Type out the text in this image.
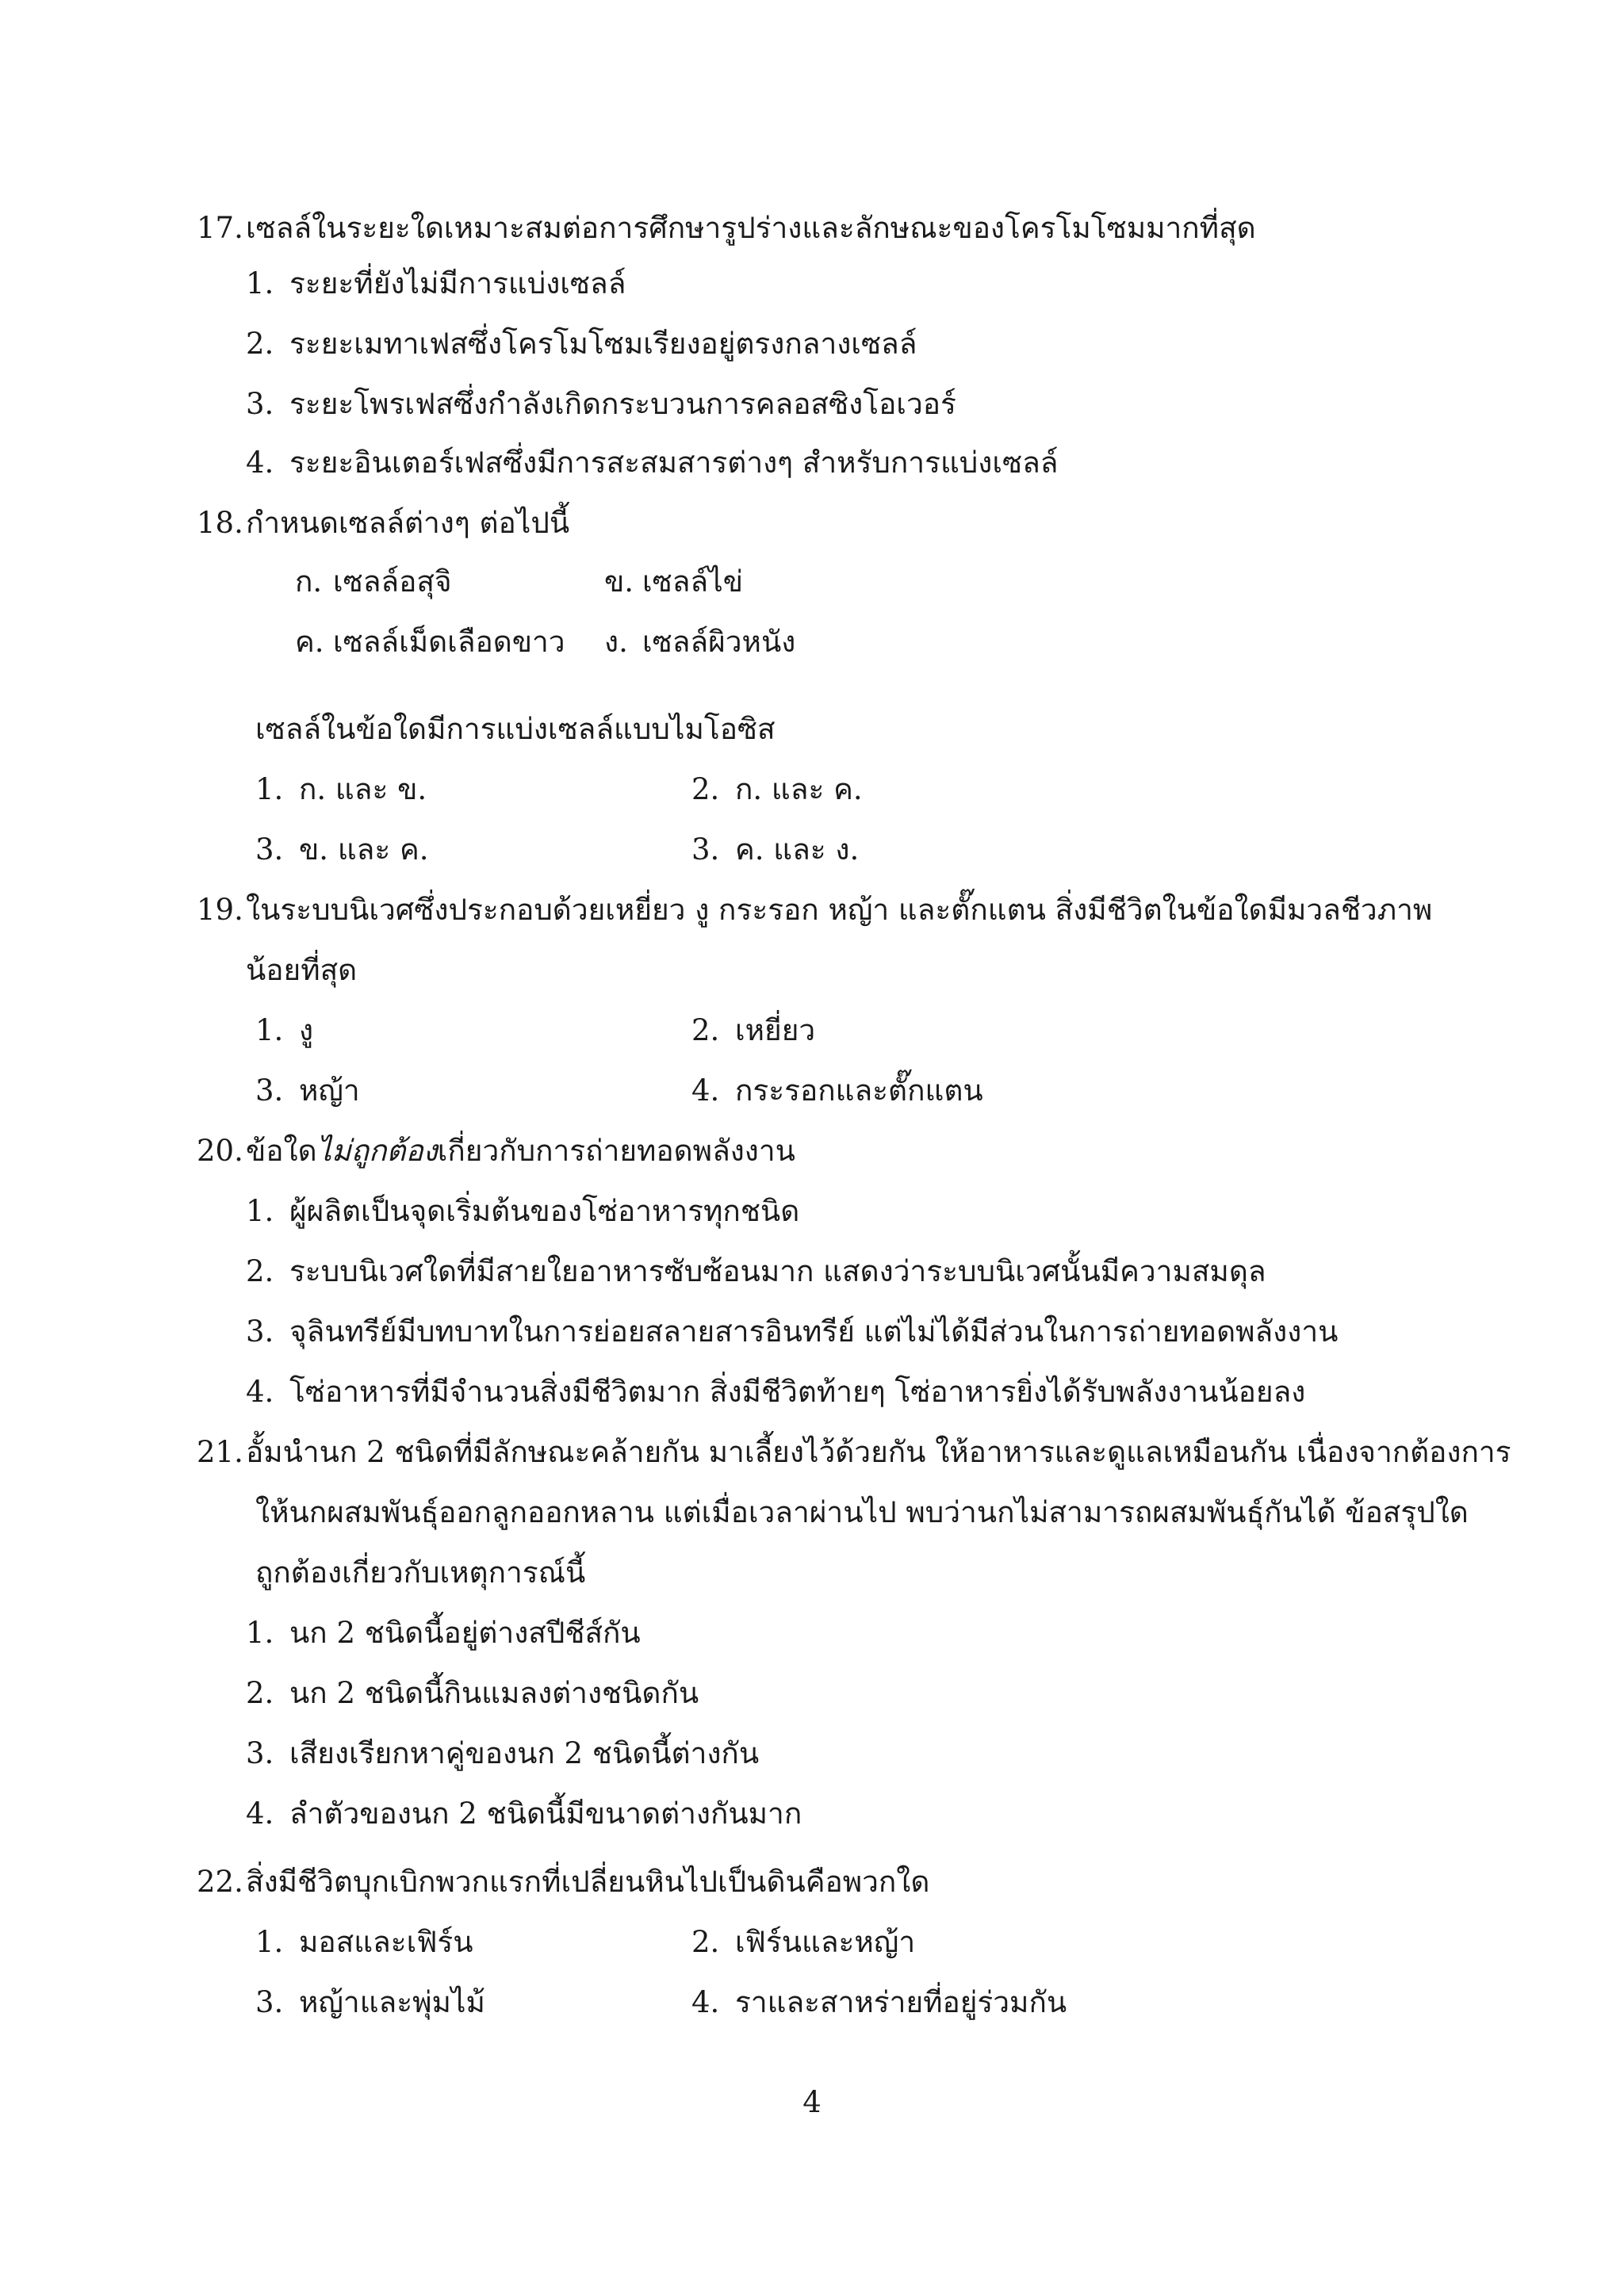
17.เซลล์ในระยะใดเหมาะสมต่อการศึกษารูปร่างและลักษณะของโครโมโซมมากที่สุด
1. ระยะที่ยังไม่มีการแบ่งเซลล์
2. ระยะเมทาเฟสซึ่งโครโมโซมเรียงอยู่ตรงกลางเซลล์
3. ระยะโพรเฟสซึ่งกำลังเกิดกระบวนการคลอสซิงโอเวอร์
4. ระยะอินเตอร์เฟสซึ่งมีการสะสมสารต่างๆ สำหรับการแบ่งเซลล์
18.กำหนดเซลล์ต่างๆ ต่อไปนี้
ก. เซลล์อสุจิ	ข. เซลล์ไข่
ค. เซลล์เม็ดเลือดขาว ง. เซลล์ผิวหนัง
เซลล์ในข้อใดมีการแบ่งเซลล์แบบไมโอซิส
1. ก. และ ข.	2. ก. และ ค.
3. ข. และ ค.	3. ค. และ ง.
19.ในระบบนิเวศซึ่งประกอบด้วยเหยี่ยว งู กระรอก หญ้า และตั๊กแตน สิ่งมีชีวิตในข้อใดมีมวลชีวภาพ
น้อยที่สุด
1. งู	2. เหยี่ยว
3. หญ้า	4. กระรอกและตั๊กแตน
20.ข้อใดไม่ถูกต้องเกี่ยวกับการถ่ายทอดพลังงาน
1. ผู้ผลิตเป็นจุดเริ่มต้นของโซ่อาหารทุกชนิด
2. ระบบนิเวศใดที่มีสายใยอาหารซับซ้อนมาก แสดงว่าระบบนิเวศนั้นมีความสมดุล
3. จุลินทรีย์มีบทบาทในการย่อยสลายสารอินทรีย์ แต่ไม่ได้มีส่วนในการถ่ายทอดพลังงาน
4. โซ่อาหารที่มีจำนวนสิ่งมีชีวิตมาก สิ่งมีชีวิตท้ายๆ โซ่อาหารยิ่งได้รับพลังงานน้อยลง
21.อั้มนำนก 2 ชนิดที่มีลักษณะคล้ายกัน มาเลี้ยงไว้ด้วยกัน ให้อาหารและดูแลเหมือนกัน เนื่องจากต้องการ
ให้นกผสมพันธุ์ออกลูกออกหลาน แต่เมื่อเวลาผ่านไป พบว่านกไม่สามารถผสมพันธุ์กันได้ ข้อสรุปใด
ถูกต้องเกี่ยวกับเหตุการณ์นี้
1. นก 2 ชนิดนี้อยู่ต่างสปีชีส์กัน
2. นก 2 ชนิดนี้กินแมลงต่างชนิดกัน
3. เสียงเรียกหาคู่ของนก 2 ชนิดนี้ต่างกัน
4. ลำตัวของนก 2 ชนิดนี้มีขนาดต่างกันมาก
22.สิ่งมีชีวิตบุกเบิกพวกแรกที่เปลี่ยนหินไปเป็นดินคือพวกใด
1. มอสและเฟิร์น	2. เฟิร์นและหญ้า
3. หญ้าและพุ่มไม้	4. ราและสาหร่ายที่อยู่ร่วมกัน
4
